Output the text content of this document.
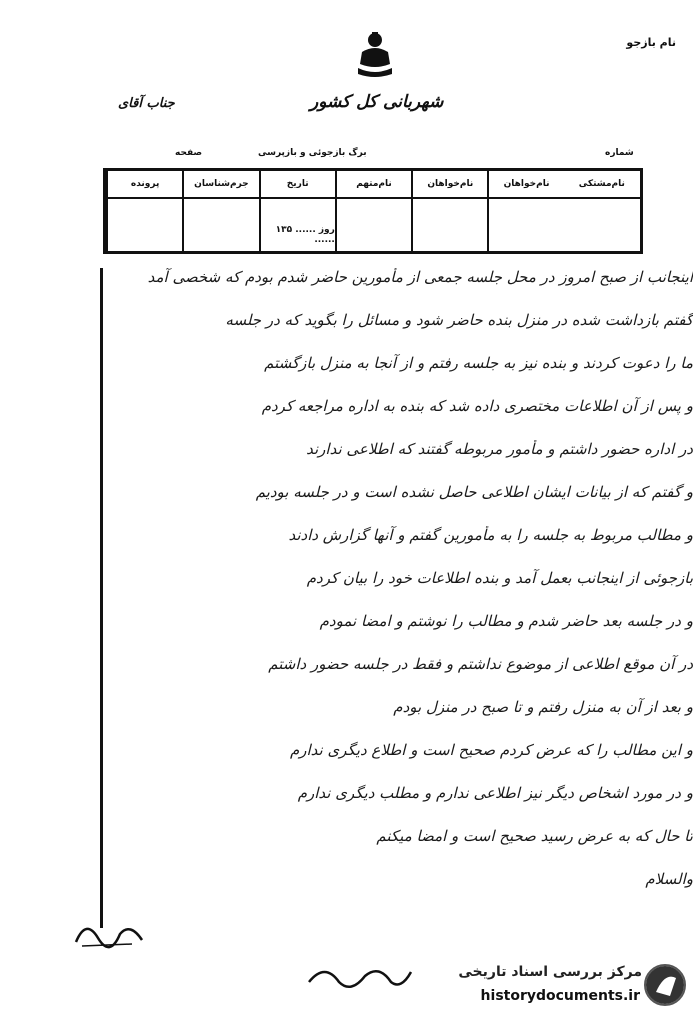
نام بازجو
شهربانی کل کشور
جناب آقای
برگ بازجوئی و بازپرسی
صفحه	شماره
پرونده	جرم‌شناسان	تاریخ	نام‌متهم	نام‌خواهان	نام‌خواهان	نام‌مشتکی
روز ...... ۱۳۵ ......
اینجانب از صبح امروز در محل جلسه جمعی از مأمورین حاضر شدم بودم که شخصی آمد
گفتم بازداشت شده در منزل بنده حاضر شود و مسائل را بگوید که در جلسه
ما را دعوت کردند و بنده نیز به جلسه رفتم و از آنجا به منزل بازگشتم
و پس از آن اطلاعات مختصری داده شد که بنده به اداره مراجعه کردم
در اداره حضور داشتم و مأمور مربوطه گفتند که اطلاعی ندارند
و گفتم که از بیانات ایشان اطلاعی حاصل نشده است و در جلسه بودیم
و مطالب مربوط به جلسه را به مأمورین گفتم و آنها گزارش دادند
بازجوئی از اینجانب بعمل آمد و بنده اطلاعات خود را بیان کردم
و در جلسه بعد حاضر شدم و مطالب را نوشتم و امضا نمودم
در آن موقع اطلاعی از موضوع نداشتم و فقط در جلسه حضور داشتم
و بعد از آن به منزل رفتم و تا صبح در منزل بودم
و این مطالب را که عرض کردم صحیح است و اطلاع دیگری ندارم
و در مورد اشخاص دیگر نیز اطلاعی ندارم و مطلب دیگری ندارم
تا حال که به عرض رسید صحیح است و امضا میکنم
والسلام
مرکز بررسی اسناد تاریخی
historydocuments.ir
